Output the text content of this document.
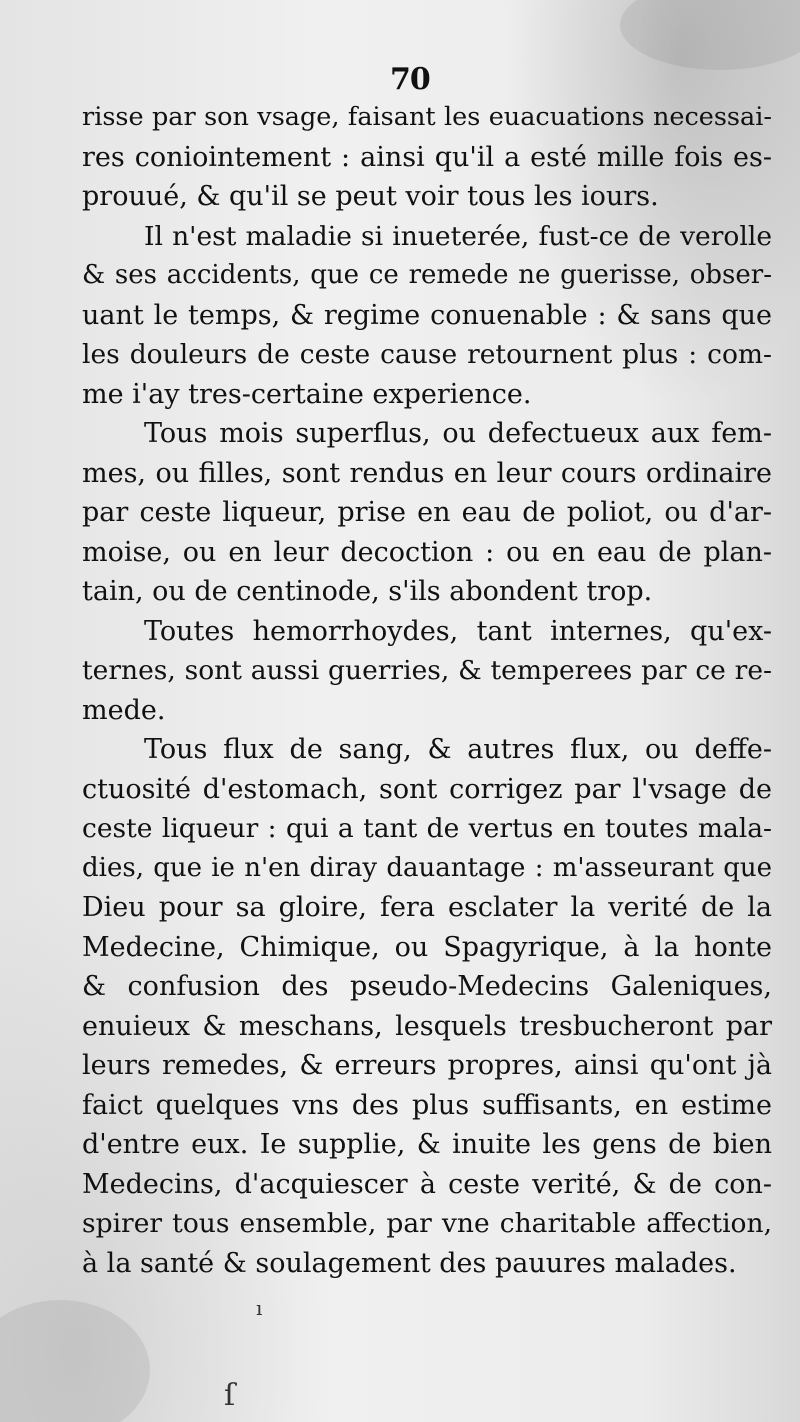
70
risse par son vsage, faisant les euacuations necessai-
res coniointement : ainsi qu'il a esté mille fois es-
prouué, & qu'il se peut voir tous les iours.
Il n'est maladie si inueterée, fust-ce de verolle
& ses accidents, que ce remede ne guerisse, obser-
uant le temps, & regime conuenable : & sans que
les douleurs de ceste cause retournent plus : com-
me i'ay tres-certaine experience.
Tous mois superflus, ou defectueux aux fem-
mes, ou filles, sont rendus en leur cours ordinaire
par ceste liqueur, prise en eau de poliot, ou d'ar-
moise, ou en leur decoction : ou en eau de plan-
tain, ou de centinode, s'ils abondent trop.
Toutes hemorrhoydes, tant internes, qu'ex-
ternes, sont aussi guerries, & temperees par ce re-
mede.
Tous flux de sang, & autres flux, ou deffe-
ctuosité d'estomach, sont corrigez par l'vsage de
ceste liqueur : qui a tant de vertus en toutes mala-
dies, que ie n'en diray dauantage : m'asseurant que
Dieu pour sa gloire, fera esclater la verité de la
Medecine, Chimique, ou Spagyrique, à la honte
& confusion des pseudo-Medecins Galeniques,
enuieux & meschans, lesquels tresbucheront par
leurs remedes, & erreurs propres, ainsi qu'ont jà
faict quelques vns des plus suffisants, en estime
d'entre eux. Ie supplie, & inuite les gens de bien
Medecins, d'acquiescer à ceste verité, & de con-
spirer tous ensemble, par vne charitable affection,
à la santé & soulagement des pauures malades.
ı
ſ
